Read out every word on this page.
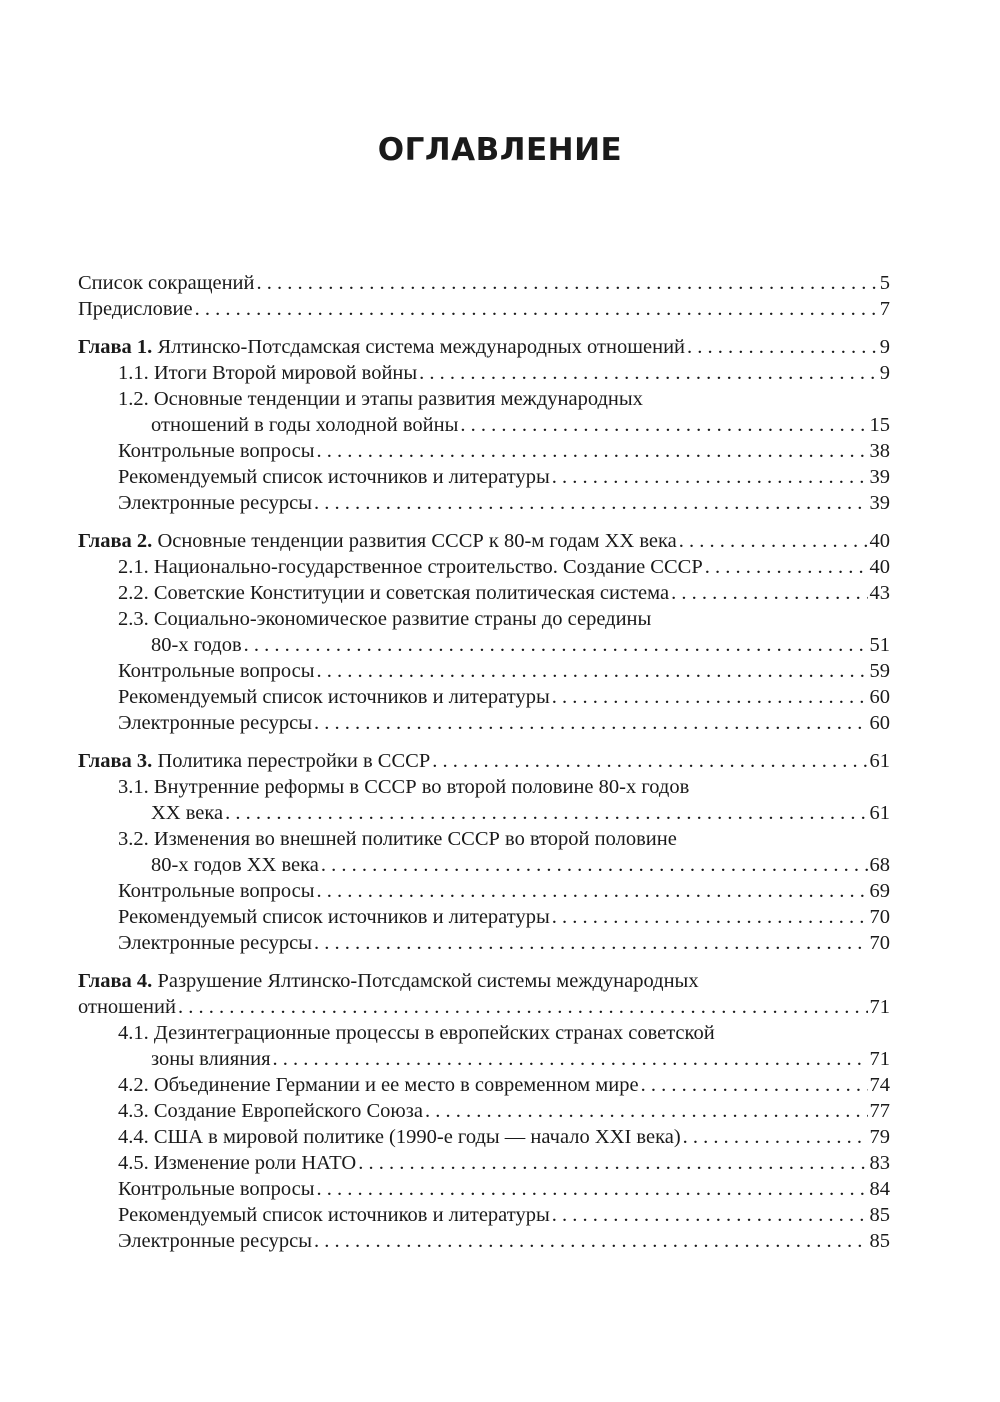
ОГЛАВЛЕНИЕ
Список сокращений . . .	5
Предисловие . . .	7
Глава 1. Ялтинско-Потсдамская система международных отношений . . .	9
1.1. Итоги Второй мировой войны . . .	9
1.2. Основные тенденции и этапы развития международных
отношений в годы холодной войны . . .	15
Контрольные вопросы . . .	38
Рекомендуемый список источников и литературы . . .	39
Электронные ресурсы . . .	39
Глава 2. Основные тенденции развития СССР к 80-м годам XX века . . .	40
2.1. Национально-государственное строительство. Создание СССР . . .	40
2.2. Советские Конституции и советская политическая система . . .	43
2.3. Социально-экономическое развитие страны до середины
80-х годов . . .	51
Контрольные вопросы . . .	59
Рекомендуемый список источников и литературы . . .	60
Электронные ресурсы . . .	60
Глава 3. Политика перестройки в СССР . . .	61
3.1. Внутренние реформы в СССР во второй половине 80-х годов
XX века . . .	61
3.2. Изменения во внешней политике СССР во второй половине
80-х годов XX века . . .	68
Контрольные вопросы . . .	69
Рекомендуемый список источников и литературы . . .	70
Электронные ресурсы . . .	70
Глава 4. Разрушение Ялтинско-Потсдамской системы международных
отношений . . .	71
4.1. Дезинтеграционные процессы в европейских странах советской
зоны влияния . . .	71
4.2. Объединение Германии и ее место в современном мире . . .	74
4.3. Создание Европейского Союза . . .	77
4.4. США в мировой политике (1990-е годы — начало XXI века) . . .	79
4.5. Изменение роли НАТО . . .	83
Контрольные вопросы . . .	84
Рекомендуемый список источников и литературы . . .	85
Электронные ресурсы . . .	85
